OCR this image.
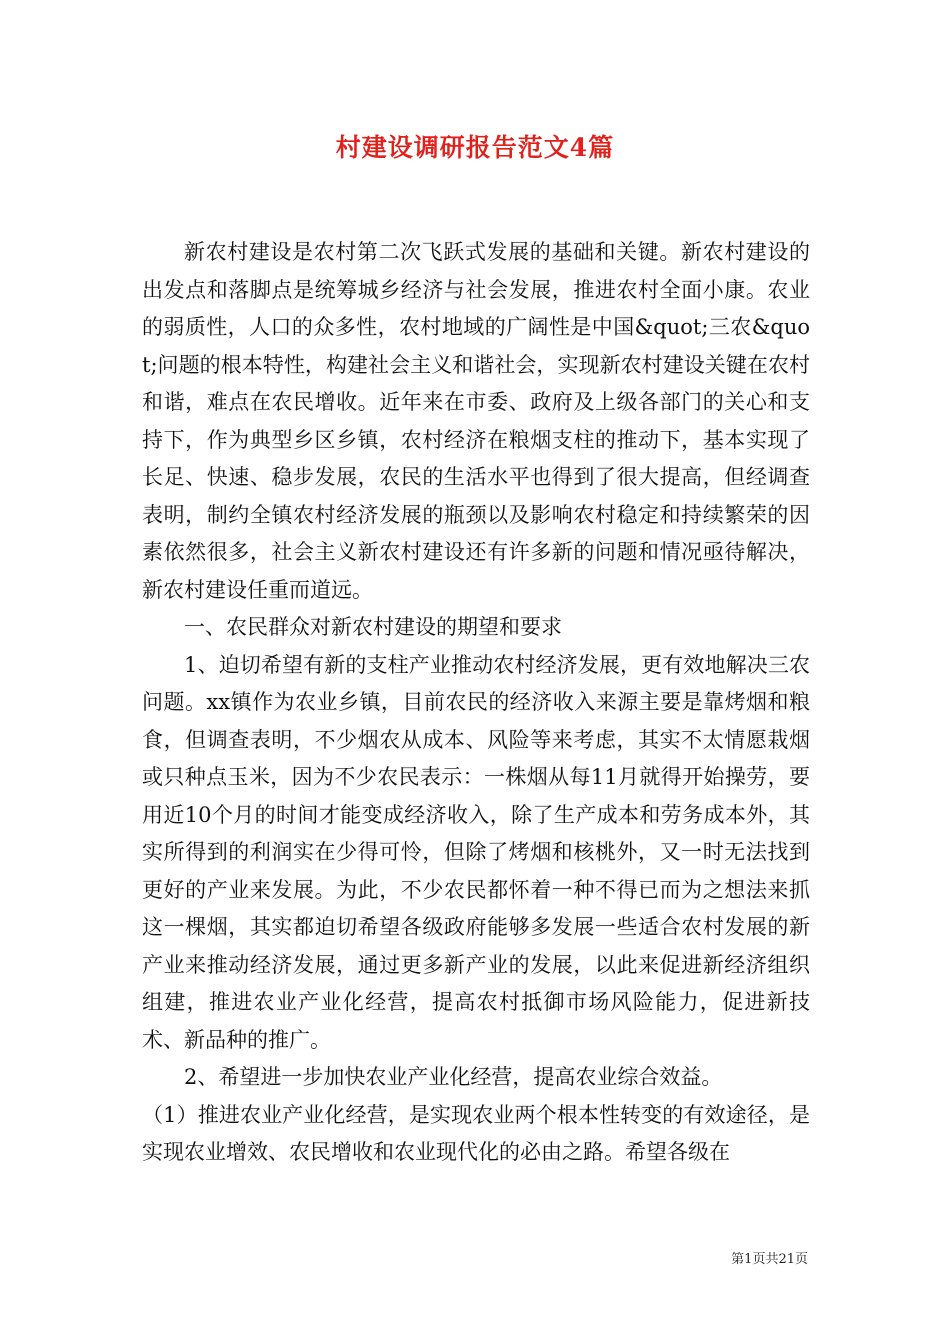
村建设调研报告范文4篇

新农村建设是农村第二次飞跃式发展的基础和关键。新农村建设的出发点和落脚点是统筹城乡经济与社会发展，推进农村全面小康。农业的弱质性，人口的众多性，农村地域的广阔性是中国&quot;三农&quot;问题的根本特性，构建社会主义和谐社会，实现新农村建设关键在农村和谐，难点在农民增收。近年来在市委、政府及上级各部门的关心和支持下，作为典型乡区乡镇，农村经济在粮烟支柱的推动下，基本实现了长足、快速、稳步发展，农民的生活水平也得到了很大提高，但经调查表明，制约全镇农村经济发展的瓶颈以及影响农村稳定和持续繁荣的因素依然很多，社会主义新农村建设还有许多新的问题和情况亟待解决，新农村建设任重而道远。

一、农民群众对新农村建设的期望和要求

1、迫切希望有新的支柱产业推动农村经济发展，更有效地解决三农问题。xx镇作为农业乡镇，目前农民的经济收入来源主要是靠烤烟和粮食，但调查表明，不少烟农从成本、风险等来考虑，其实不太情愿栽烟或只种点玉米，因为不少农民表示：一株烟从每11月就得开始操劳，要用近10个月的时间才能变成经济收入，除了生产成本和劳务成本外，其实所得到的利润实在少得可怜，但除了烤烟和核桃外，又一时无法找到更好的产业来发展。为此，不少农民都怀着一种不得已而为之想法来抓这一棵烟，其实都迫切希望各级政府能够多发展一些适合农村发展的新产业来推动经济发展，通过更多新产业的发展，以此来促进新经济组织组建，推进农业产业化经营，提高农村抵御市场风险能力，促进新技术、新品种的推广。

2、希望进一步加快农业产业化经营，提高农业综合效益。

（1）推进农业产业化经营，是实现农业两个根本性转变的有效途径，是实现农业增效、农民增收和农业现代化的必由之路。希望各级在

第1页共21页
